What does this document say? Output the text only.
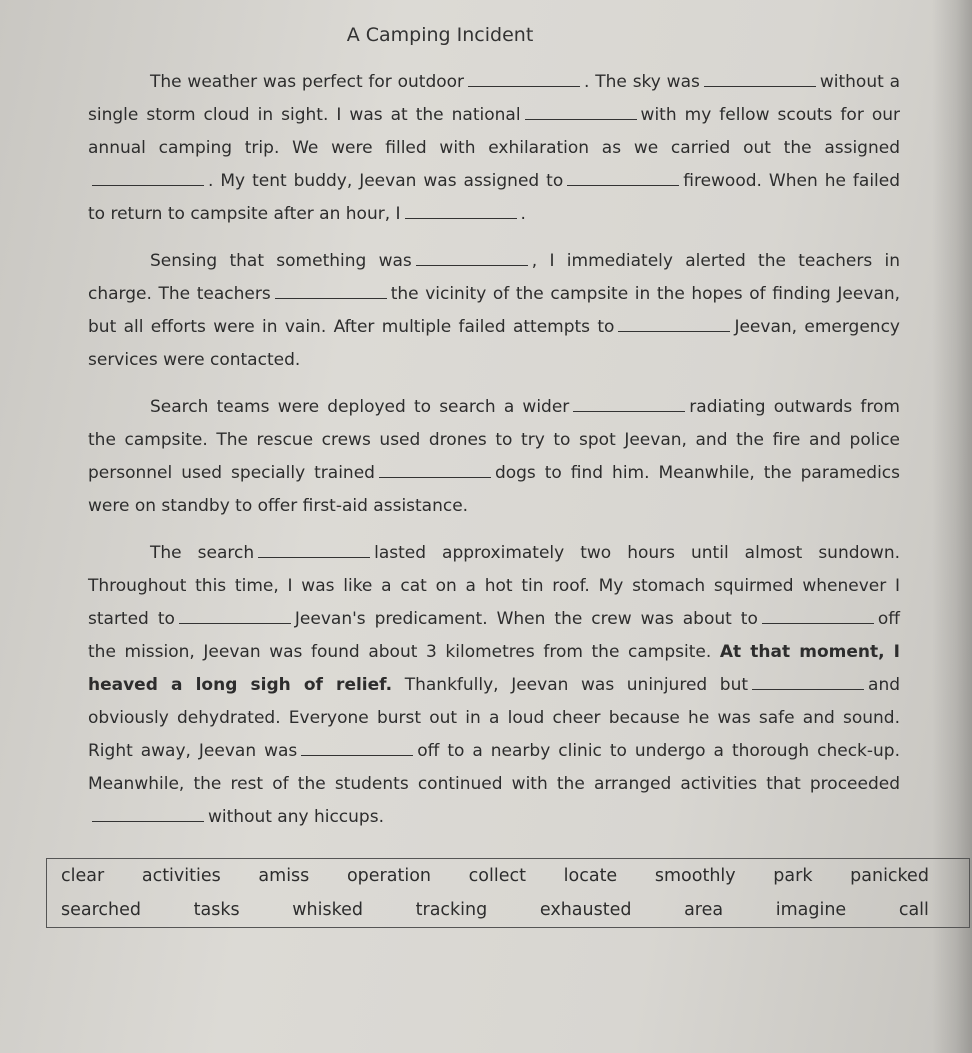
A Camping Incident

The weather was perfect for outdoor	. The sky was	without a single storm cloud in sight. I was at the national	with my fellow scouts for our annual camping trip. We were filled with exhilaration as we carried out the assigned. My tent buddy, Jeevan was assigned to	firewood. When he failed to return to campsite after an hour, I	.

Sensing that something was	, I immediately alerted the teachers in charge. The teachers	the vicinity of the campsite in the hopes of finding Jeevan, but all efforts were in vain. After multiple failed attempts to	Jeevan, emergency services were contacted.

Search teams were deployed to search a wider	radiating outwards from the campsite. The rescue crews used drones to try to spot Jeevan, and the fire and police personnel used specially trained	dogs to find him. Meanwhile, the paramedics were on standby to offer first-aid assistance.

The search	lasted approximately two hours until almost sundown. Throughout this time, I was like a cat on a hot tin roof. My stomach squirmed whenever I started to	Jeevan's predicament. When the crew was about to	off the mission, Jeevan was found about 3 kilometres from the campsite. At that moment, I heaved a long sigh of relief. Thankfully, Jeevan was uninjured but	and obviously dehydrated. Everyone burst out in a loud cheer because he was safe and sound. Right away, Jeevan was	off to a nearby clinic to undergo a thorough check-up. Meanwhile, the rest of the students continued with the arranged activities that proceededwithout any hiccups.

clear activities amiss operation collect locate smoothly park panicked
searched	tasks	whisked	tracking	exhausted	area	imagine	call
